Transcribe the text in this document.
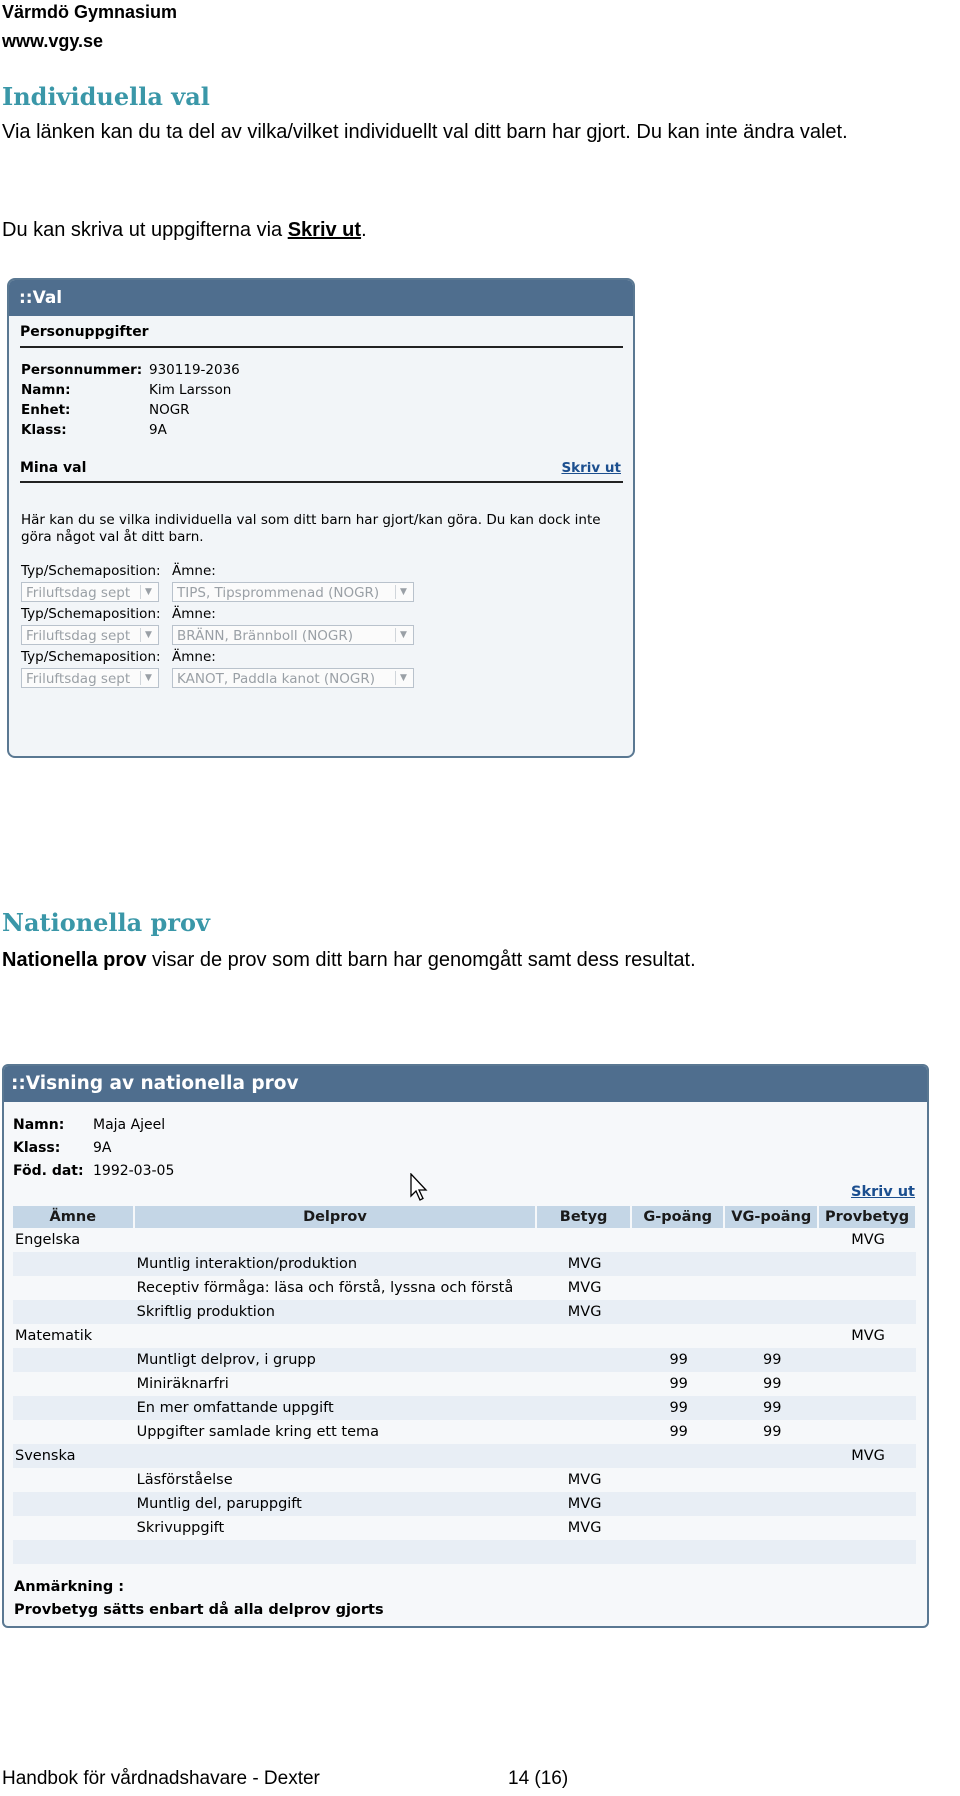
Värmdö Gymnasium
www.vgy.se
Individuella val
Via länken kan du ta del av vilka/vilket individuellt val ditt barn har gjort. Du kan inte ändra valet.
Du kan skriva ut uppgifterna via Skriv ut.
::Val
Personuppgifter
Personnummer: 930119-2036
Namn:	Kim Larsson
Enhet:	NOGR
Klass:	9A
Mina val	Skriv ut
Här kan du se vilka individuella val som ditt barn har gjort/kan göra. Du kan dock inte göra något val åt ditt barn.
Typ/Schemaposition: Ämne:
Friluftsdag sept	▼	TIPS, Tipsprommenad (NOGR)	▼
Typ/Schemaposition: Ämne:
Friluftsdag sept	▼	BRÄNN, Brännboll (NOGR)	▼
Typ/Schemaposition: Ämne:
Friluftsdag sept	▼	KANOT, Paddla kanot (NOGR)	▼
Nationella prov
Nationella prov visar de prov som ditt barn har genomgått samt dess resultat.
::Visning av nationella prov
Namn: Maja Ajeel
Klass: 9A
Föd. dat: 1992-03-05
Skriv ut
Ämne	Delprov	Betyg	G-poäng	VG-poäng	Provbetyg
Engelska					MVG
	Muntlig interaktion/produktion	MVG			
	Receptiv förmåga: läsa och förstå, lyssna och förstå	MVG			
	Skriftlig produktion	MVG			
Matematik					MVG
	Muntligt delprov, i grupp		99	99	
	Miniräknarfri		99	99	
	En mer omfattande uppgift		99	99	
	Uppgifter samlade kring ett tema		99	99	
Svenska					MVG
	Läsförståelse	MVG			
	Muntlig del, paruppgift	MVG			
	Skrivuppgift	MVG			

Anmärkning :
Provbetyg sätts enbart då alla delprov gjorts
Handbok för vårdnadshavare - Dexter	14 (16)
